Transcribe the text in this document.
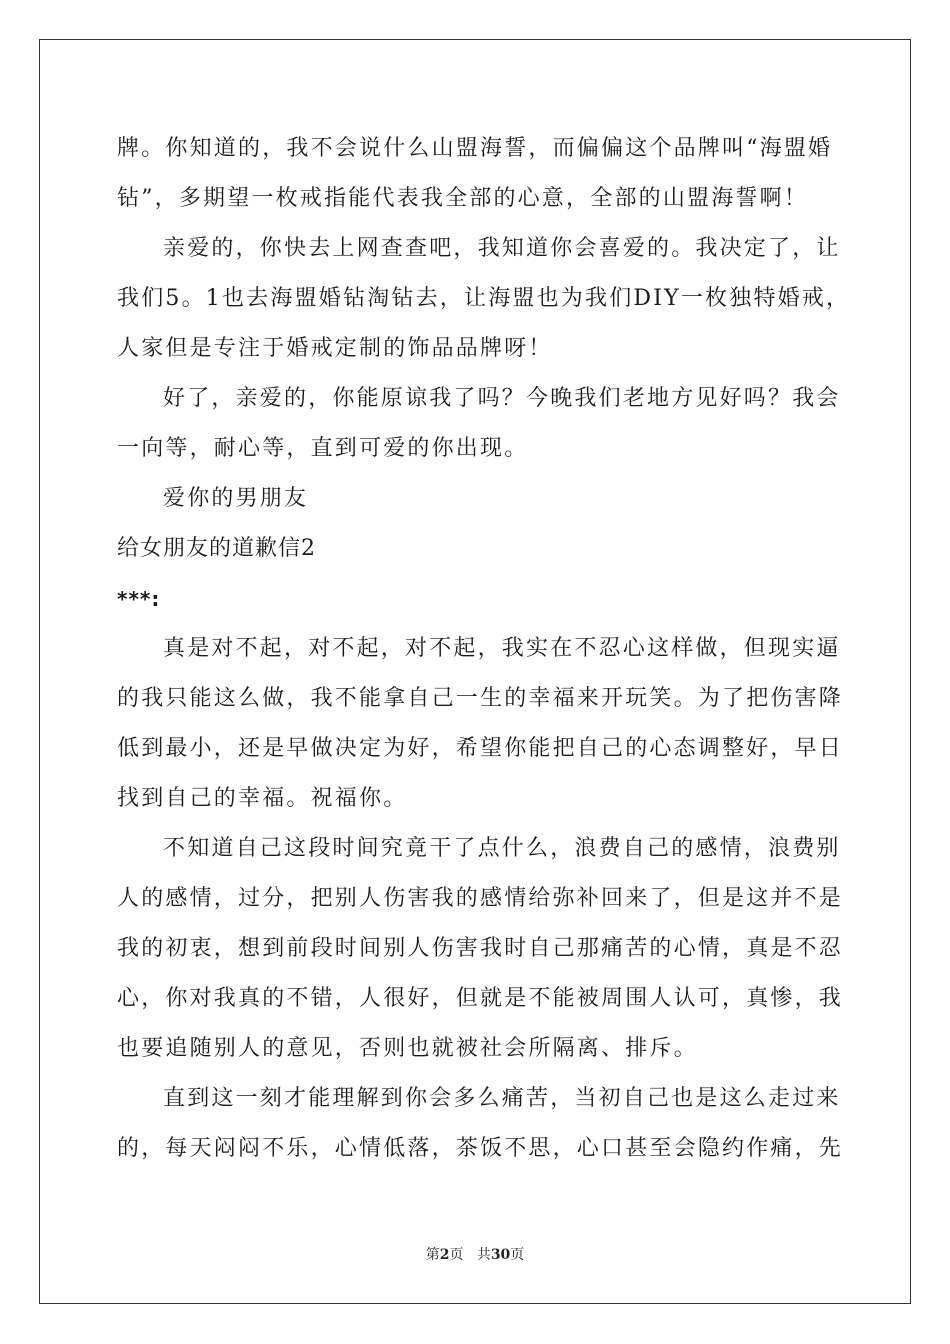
牌。你知道的，我不会说什么山盟海誓，而偏偏这个品牌叫“海盟婚
钻”，多期望一枚戒指能代表我全部的心意，全部的山盟海誓啊！
亲爱的，你快去上网查查吧，我知道你会喜爱的。我决定了，让
我们5。1也去海盟婚钻淘钻去，让海盟也为我们DIY一枚独特婚戒，
人家但是专注于婚戒定制的饰品品牌呀！
好了，亲爱的，你能原谅我了吗？今晚我们老地方见好吗？我会
一向等，耐心等，直到可爱的你出现。
爱你的男朋友
给女朋友的道歉信2
***:
真是对不起，对不起，对不起，我实在不忍心这样做，但现实逼
的我只能这么做，我不能拿自己一生的幸福来开玩笑。为了把伤害降
低到最小，还是早做决定为好，希望你能把自己的心态调整好，早日
找到自己的幸福。祝福你。
不知道自己这段时间究竟干了点什么，浪费自己的感情，浪费别
人的感情，过分，把别人伤害我的感情给弥补回来了，但是这并不是
我的初衷，想到前段时间别人伤害我时自己那痛苦的心情，真是不忍
心，你对我真的不错，人很好，但就是不能被周围人认可，真惨，我
也要追随别人的意见，否则也就被社会所隔离、排斥。
直到这一刻才能理解到你会多么痛苦，当初自己也是这么走过来
的，每天闷闷不乐，心情低落，茶饭不思，心口甚至会隐约作痛，先
第2页 共30页
